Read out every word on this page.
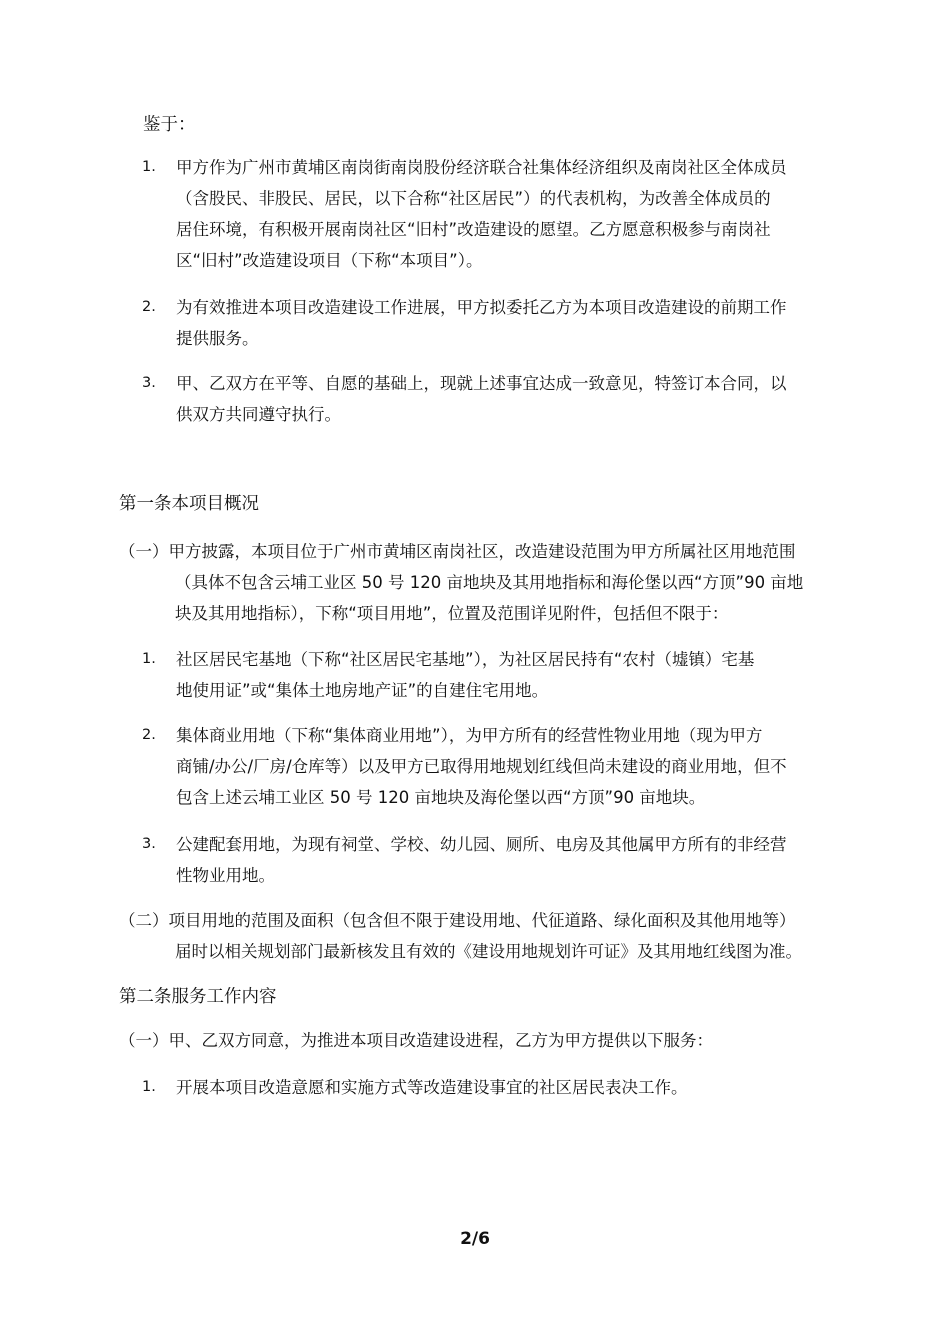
鉴于：
1. 甲方作为广州市黄埔区南岗街南岗股份经济联合社集体经济组织及南岗社区全体成员
（含股民、非股民、居民，以下合称“社区居民”）的代表机构，为改善全体成员的
居住环境，有积极开展南岗社区“旧村”改造建设的愿望。乙方愿意积极参与南岗社
区“旧村”改造建设项目（下称“本项目”）。
2. 为有效推进本项目改造建设工作进展，甲方拟委托乙方为本项目改造建设的前期工作
提供服务。
3. 甲、乙双方在平等、自愿的基础上，现就上述事宜达成一致意见，特签订本合同，以
供双方共同遵守执行。
第一条本项目概况
（一）甲方披露，本项目位于广州市黄埔区南岗社区，改造建设范围为甲方所属社区用地范围
（具体不包含云埔工业区 50 号 120 亩地块及其用地指标和海伦堡以西“方顶”90 亩地
块及其用地指标），下称“项目用地”，位置及范围详见附件，包括但不限于：
1. 社区居民宅基地（下称“社区居民宅基地”），为社区居民持有“农村（墟镇）宅基
地使用证”或“集体土地房地产证”的自建住宅用地。
2. 集体商业用地（下称“集体商业用地”），为甲方所有的经营性物业用地（现为甲方
商铺/办公/厂房/仓库等）以及甲方已取得用地规划红线但尚未建设的商业用地，但不
包含上述云埔工业区 50 号 120 亩地块及海伦堡以西“方顶”90 亩地块。
3. 公建配套用地，为现有祠堂、学校、幼儿园、厕所、电房及其他属甲方所有的非经营
性物业用地。
（二）项目用地的范围及面积（包含但不限于建设用地、代征道路、绿化面积及其他用地等）
届时以相关规划部门最新核发且有效的《建设用地规划许可证》及其用地红线图为准。
第二条服务工作内容
（一）甲、乙双方同意，为推进本项目改造建设进程，乙方为甲方提供以下服务：
1. 开展本项目改造意愿和实施方式等改造建设事宜的社区居民表决工作。
2/6
